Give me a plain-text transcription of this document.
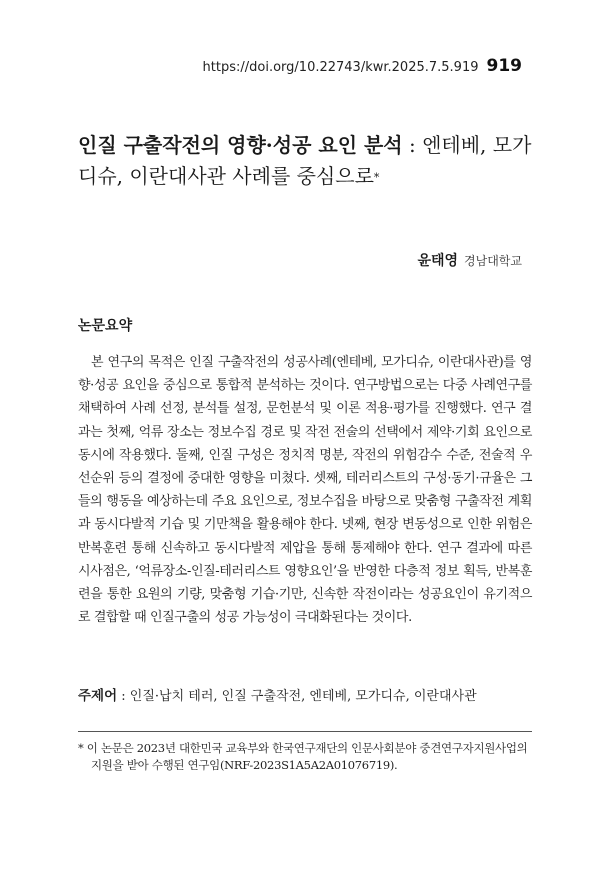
https://doi.org/10.22743/kwr.2025.7.5.919 919
인질 구출작전의 영향·성공 요인 분석 : 엔테베, 모가디슈, 이란대사관 사례를 중심으로*
윤태영 경남대학교
논문요약

본 연구의 목적은 인질 구출작전의 성공사례(엔테베, 모가디슈, 이란대사관)를 영향·성공 요인을 중심으로 통합적 분석하는 것이다. 연구방법으로는 다중 사례연구를 채택하여 사례 선정, 분석틀 설정, 문헌분석 및 이론 적용·평가를 진행했다. 연구 결과는 첫째, 억류 장소는 정보수집 경로 및 작전 전술의 선택에서 제약·기회 요인으로 동시에 작용했다. 둘째, 인질 구성은 정치적 명분, 작전의 위험감수 수준, 전술적 우선순위 등의 결정에 중대한 영향을 미쳤다. 셋째, 테러리스트의 구성·동기·규율은 그들의 행동을 예상하는데 주요 요인으로, 정보수집을 바탕으로 맞춤형 구출작전 계획과 동시다발적 기습 및 기만책을 활용해야 한다. 넷째, 현장 변동성으로 인한 위험은 반복훈련 통해 신속하고 동시다발적 제압을 통해 통제해야 한다. 연구 결과에 따른 시사점은, ‘억류장소-인질-테러리스트 영향요인’을 반영한 다층적 정보 획득, 반복훈련을 통한 요원의 기량, 맞춤형 기습·기만, 신속한 작전이라는 성공요인이 유기적으로 결합할 때 인질구출의 성공 가능성이 극대화된다는 것이다.

주제어 : 인질·납치 테러, 인질 구출작전, 엔테베, 모가디슈, 이란대사관
* 이 논문은 2023년 대한민국 교육부와 한국연구재단의 인문사회분야 중견연구자지원사업의 지원을 받아 수행된 연구임(NRF-2023S1A5A2A01076719).
